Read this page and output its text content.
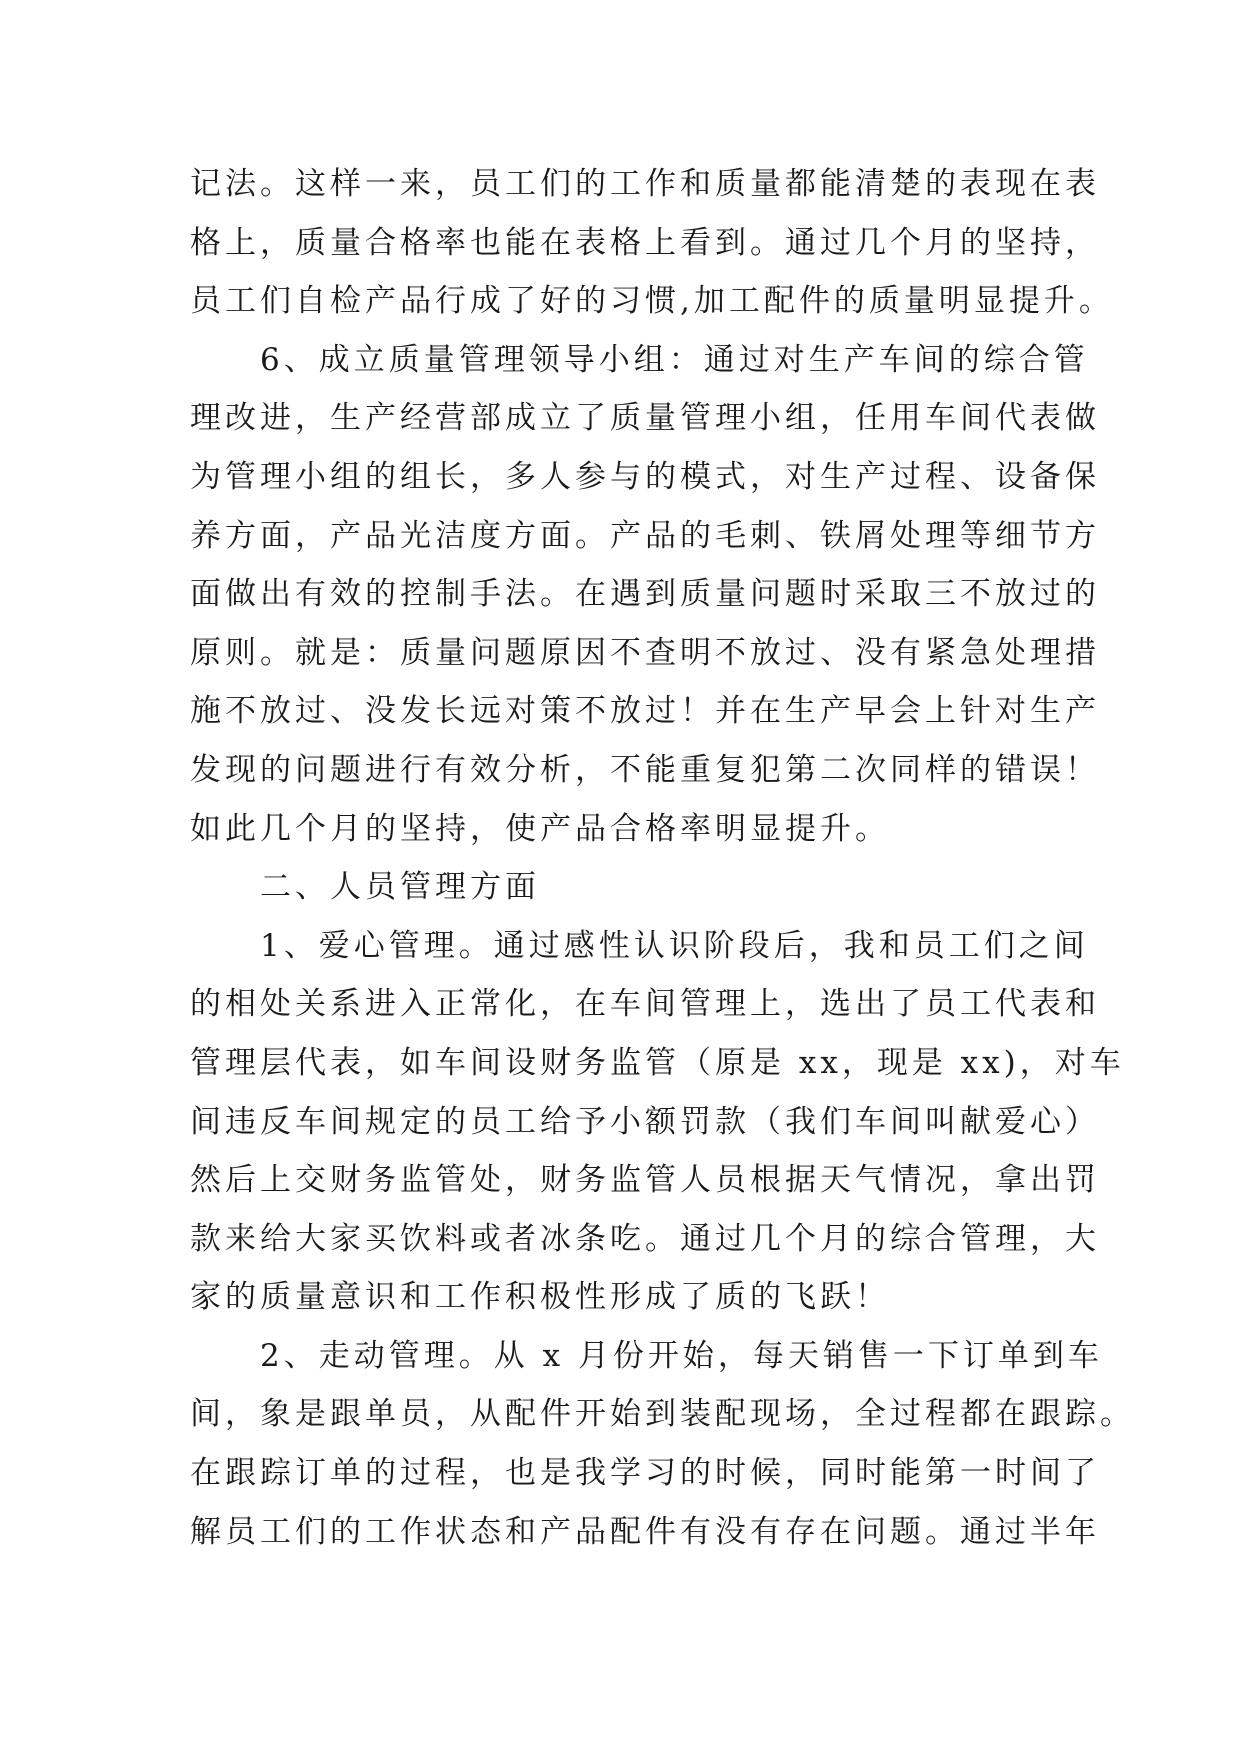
记法。这样一来，员工们的工作和质量都能清楚的表现在表
格上，质量合格率也能在表格上看到。通过几个月的坚持，
员工们自检产品行成了好的习惯,加工配件的质量明显提升。
　　6、成立质量管理领导小组：通过对生产车间的综合管
理改进，生产经营部成立了质量管理小组，任用车间代表做
为管理小组的组长，多人参与的模式，对生产过程、设备保
养方面，产品光洁度方面。产品的毛刺、铁屑处理等细节方
面做出有效的控制手法。在遇到质量问题时采取三不放过的
原则。就是：质量问题原因不查明不放过、没有紧急处理措
施不放过、没发长远对策不放过！并在生产早会上针对生产
发现的问题进行有效分析，不能重复犯第二次同样的错误！
如此几个月的坚持，使产品合格率明显提升。
　　二、人员管理方面
　　1、爱心管理。通过感性认识阶段后，我和员工们之间
的相处关系进入正常化，在车间管理上，选出了员工代表和
管理层代表，如车间设财务监管（原是 xx，现是 xx)，对车
间违反车间规定的员工给予小额罚款（我们车间叫献爱心）
然后上交财务监管处，财务监管人员根据天气情况，拿出罚
款来给大家买饮料或者冰条吃。通过几个月的综合管理，大
家的质量意识和工作积极性形成了质的飞跃！
　　2、走动管理。从 x 月份开始，每天销售一下订单到车
间，象是跟单员，从配件开始到装配现场，全过程都在跟踪。
在跟踪订单的过程，也是我学习的时候，同时能第一时间了
解员工们的工作状态和产品配件有没有存在问题。通过半年
